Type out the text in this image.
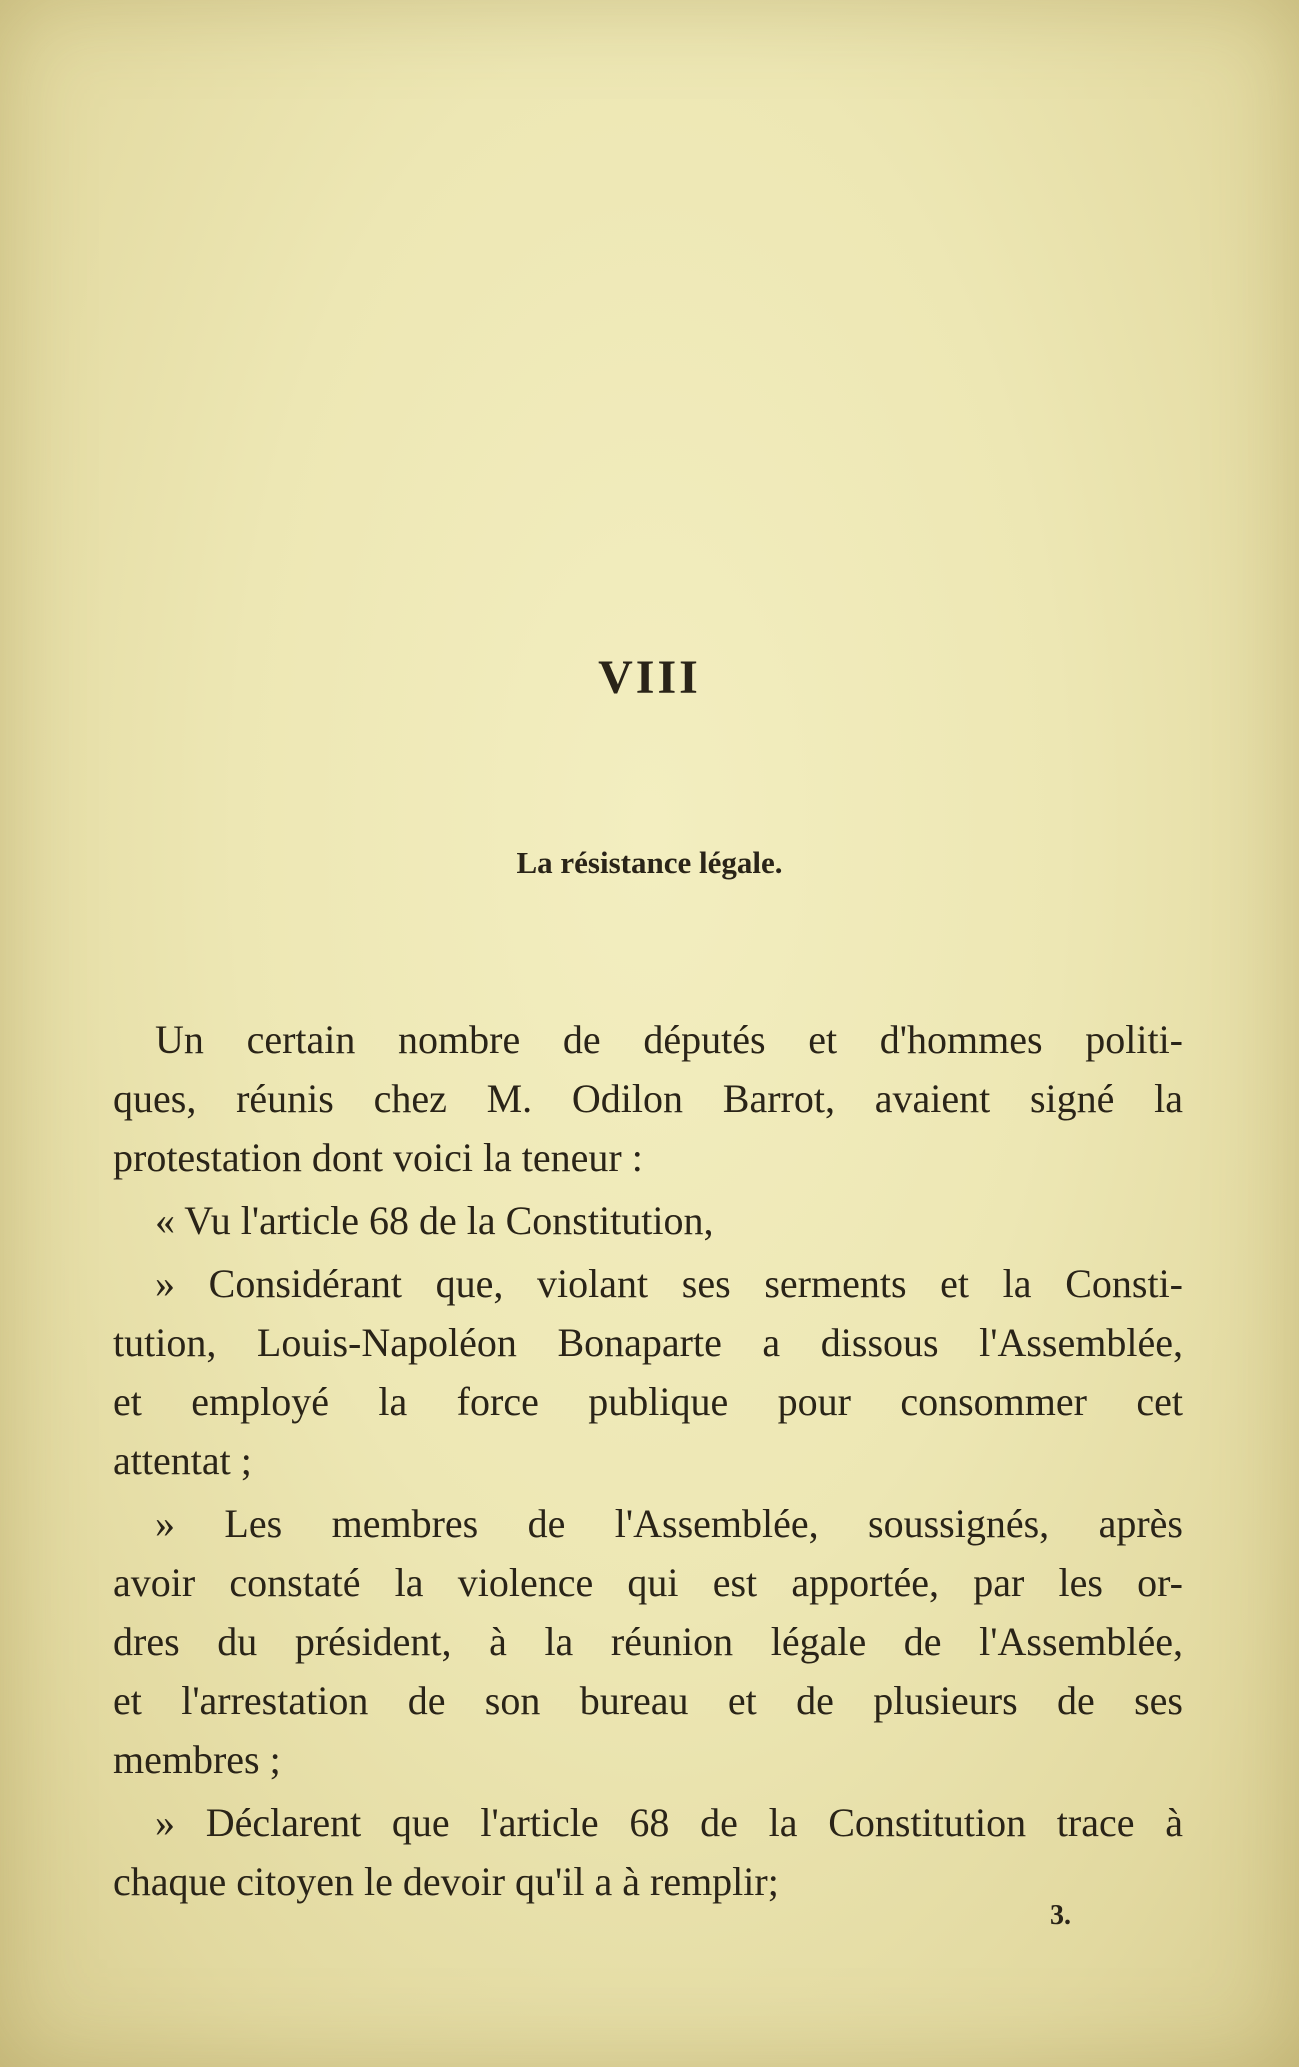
VIII
La résistance légale.
Un certain nombre de députés et d'hommes politi-
ques, réunis chez M. Odilon Barrot, avaient signé la
protestation dont voici la teneur :
« Vu l'article 68 de la Constitution,
» Considérant que, violant ses serments et la Consti-
tution, Louis-Napoléon Bonaparte a dissous l'Assemblée,
et employé la force publique pour consommer cet
attentat ;
» Les membres de l'Assemblée, soussignés, après
avoir constaté la violence qui est apportée, par les or-
dres du président, à la réunion légale de l'Assemblée,
et l'arrestation de son bureau et de plusieurs de ses
membres ;
» Déclarent que l'article 68 de la Constitution trace à
chaque citoyen le devoir qu'il a à remplir;
3.
